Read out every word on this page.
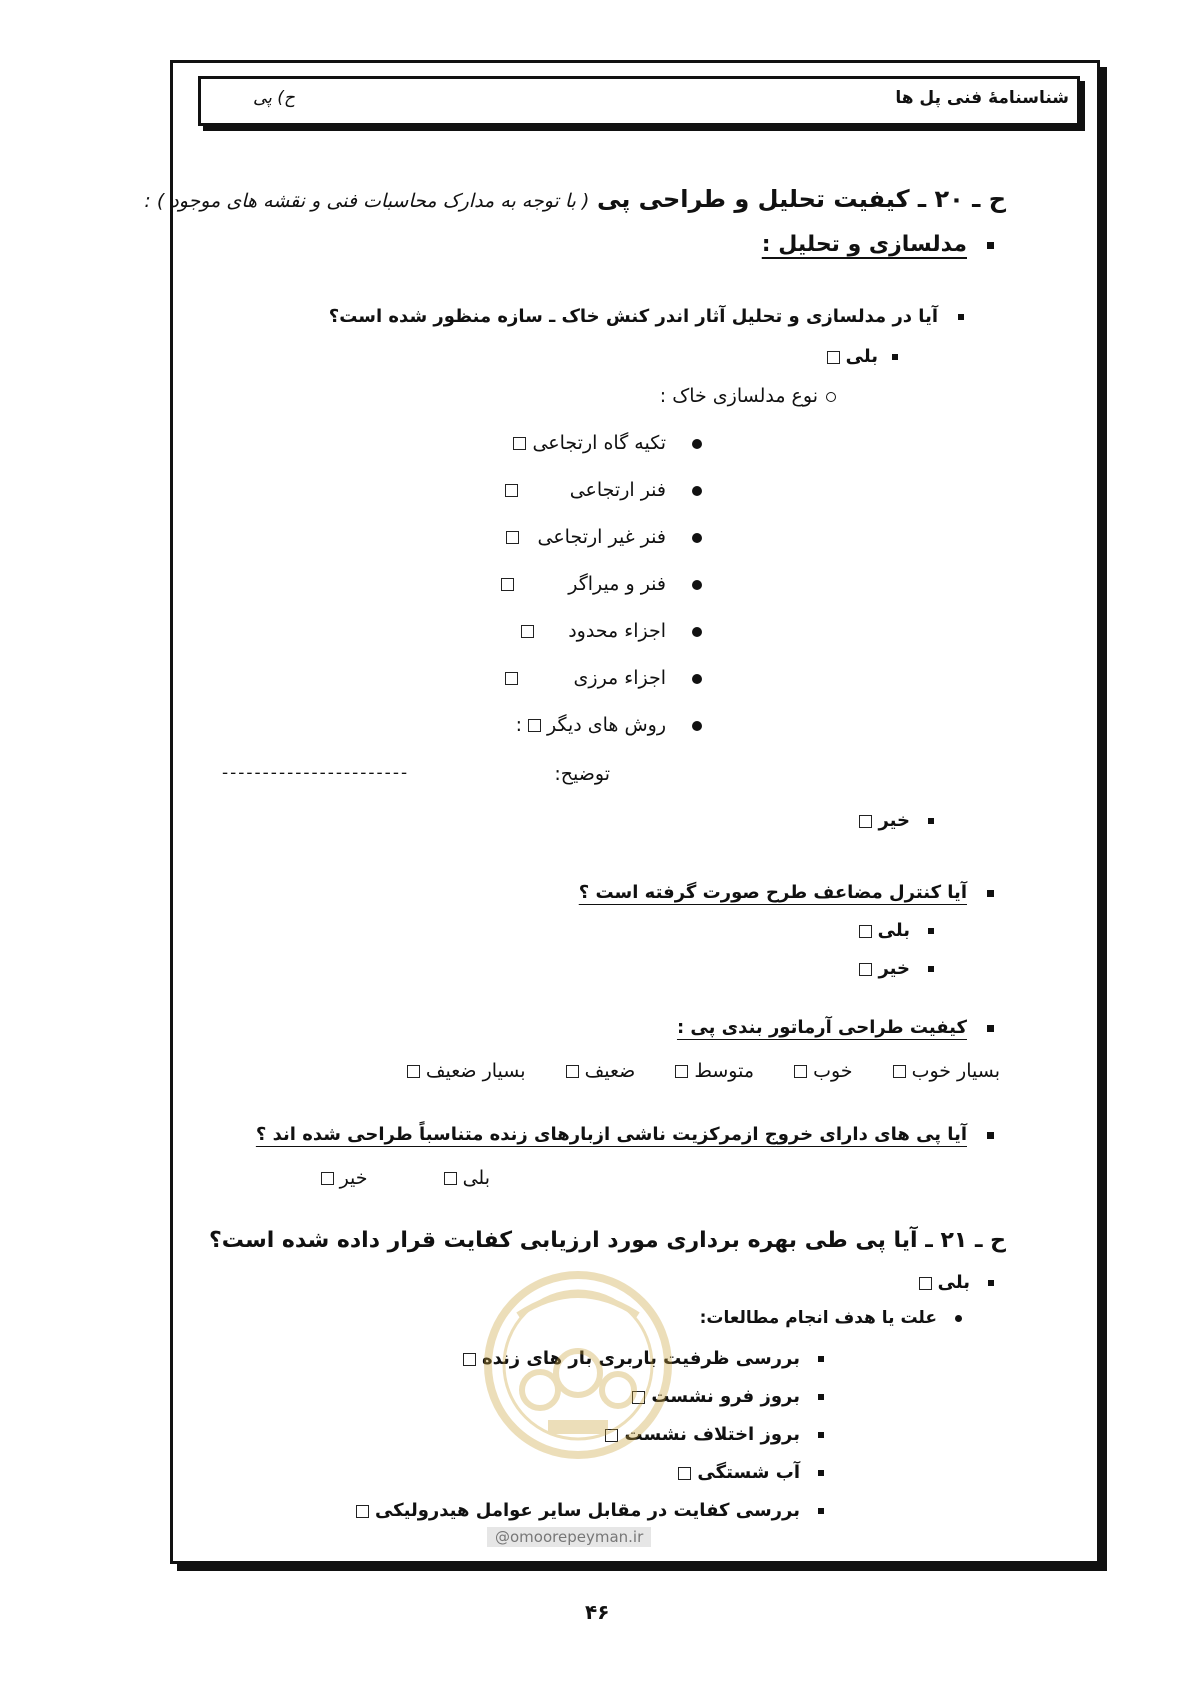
شناسنامهٔ فنی پل ها
ح) پی
ح ـ ۲۰ ـ کیفیت تحلیل و طراحی پی ( با توجه به مدارک محاسبات فنی و نقشه های موجود ) :
مدلسازی و تحلیل :
آیا در مدلسازی و تحلیل آثار اندر کنش خاک ـ سازه منظور شده است؟
بلی
نوع مدلسازی خاک :
تکیه گاه ارتجاعی
فنر ارتجاعی
فنر غیر ارتجاعی
فنر و میراگر
اجزاء محدود
اجزاء مرزی
روش های دیگر:
توضیح:
-----------------------
خیر
آیا کنترل مضاعف طرح صورت گرفته است ؟
بلی
خیر
کیفیت طراحی آرماتور بندی پی :
بسیار خوب خوب متوسط ضعیف بسیار ضعیف
آیا پی های دارای خروج ازمرکزیت ناشی ازبارهای زنده متناسباً طراحی شده اند ؟
بلی خیر
ح ـ ۲۱ ـ آیا پی طی بهره برداری مورد ارزیابی کفایت قرار داده شده است؟
بلی
علت یا هدف انجام مطالعات:
بررسی ظرفیت باربری بار های زنده
بروز فرو نشست
بروز اختلاف نشست
آب شستگی
بررسی کفایت در مقابل سایر عوامل هیدرولیکی
@omoorepeyman.ir
۴۶
